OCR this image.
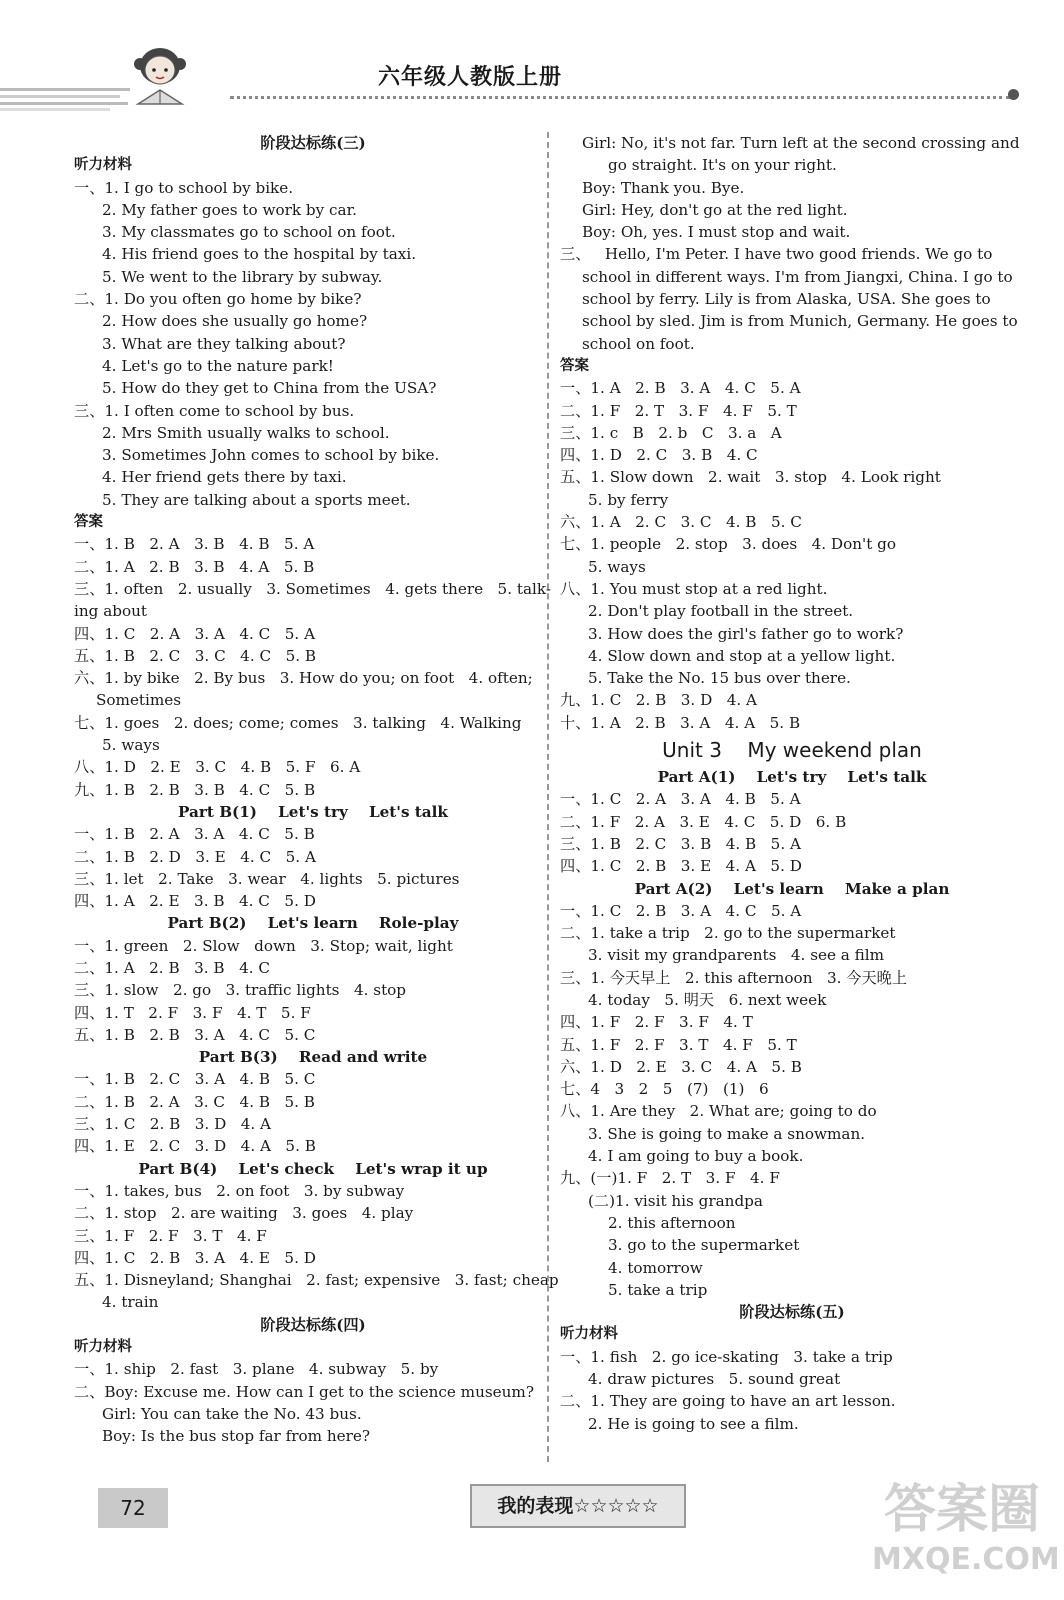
六年级人教版上册
阶段达标练(三)
听力材料
一、1. I go to school by bike.
2. My father goes to work by car.
3. My classmates go to school on foot.
4. His friend goes to the hospital by taxi.
5. We went to the library by subway.
二、1. Do you often go home by bike?
2. How does she usually go home?
3. What are they talking about?
4. Let's go to the nature park!
5. How do they get to China from the USA?
三、1. I often come to school by bus.
2. Mrs Smith usually walks to school.
3. Sometimes John comes to school by bike.
4. Her friend gets there by taxi.
5. They are talking about a sports meet.
答案
一、1. B   2. A   3. B   4. B   5. A
二、1. A   2. B   3. B   4. A   5. B
三、1. often   2. usually   3. Sometimes   4. gets there   5. talk-
ing about
四、1. C   2. A   3. A   4. C   5. A
五、1. B   2. C   3. C   4. C   5. B
六、1. by bike   2. By bus   3. How do you; on foot   4. often;
Sometimes
七、1. goes   2. does; come; comes   3. talking   4. Walking
5. ways
八、1. D   2. E   3. C   4. B   5. F   6. A
九、1. B   2. B   3. B   4. C   5. B
Part B(1)    Let's try    Let's talk
一、1. B   2. A   3. A   4. C   5. B
二、1. B   2. D   3. E   4. C   5. A
三、1. let   2. Take   3. wear   4. lights   5. pictures
四、1. A   2. E   3. B   4. C   5. D
Part B(2)    Let's learn    Role-play
一、1. green   2. Slow   down   3. Stop; wait, light
二、1. A   2. B   3. B   4. C
三、1. slow   2. go   3. traffic lights   4. stop
四、1. T   2. F   3. F   4. T   5. F
五、1. B   2. B   3. A   4. C   5. C
Part B(3)    Read and write
一、1. B   2. C   3. A   4. B   5. C
二、1. B   2. A   3. C   4. B   5. B
三、1. C   2. B   3. D   4. A
四、1. E   2. C   3. D   4. A   5. B
Part B(4)    Let's check    Let's wrap it up
一、1. takes, bus   2. on foot   3. by subway
二、1. stop   2. are waiting   3. goes   4. play
三、1. F   2. F   3. T   4. F
四、1. C   2. B   3. A   4. E   5. D
五、1. Disneyland; Shanghai   2. fast; expensive   3. fast; cheap
4. train
阶段达标练(四)
听力材料
一、1. ship   2. fast   3. plane   4. subway   5. by
二、Boy: Excuse me. How can I get to the science museum?
Girl: You can take the No. 43 bus.
Boy: Is the bus stop far from here?
Girl: No, it's not far. Turn left at the second crossing and
go straight. It's on your right.
Boy: Thank you. Bye.
Girl: Hey, don't go at the red light.
Boy: Oh, yes. I must stop and wait.
三、   Hello, I'm Peter. I have two good friends. We go to
school in different ways. I'm from Jiangxi, China. I go to
school by ferry. Lily is from Alaska, USA. She goes to
school by sled. Jim is from Munich, Germany. He goes to
school on foot.
答案
一、1. A   2. B   3. A   4. C   5. A
二、1. F   2. T   3. F   4. F   5. T
三、1. c   B   2. b   C   3. a   A
四、1. D   2. C   3. B   4. C
五、1. Slow down   2. wait   3. stop   4. Look right
5. by ferry
六、1. A   2. C   3. C   4. B   5. C
七、1. people   2. stop   3. does   4. Don't go
5. ways
八、1. You must stop at a red light.
2. Don't play football in the street.
3. How does the girl's father go to work?
4. Slow down and stop at a yellow light.
5. Take the No. 15 bus over there.
九、1. C   2. B   3. D   4. A
十、1. A   2. B   3. A   4. A   5. B
Unit 3    My weekend plan
Part A(1)    Let's try    Let's talk
一、1. C   2. A   3. A   4. B   5. A
二、1. F   2. A   3. E   4. C   5. D   6. B
三、1. B   2. C   3. B   4. B   5. A
四、1. C   2. B   3. E   4. A   5. D
Part A(2)    Let's learn    Make a plan
一、1. C   2. B   3. A   4. C   5. A
二、1. take a trip   2. go to the supermarket
3. visit my grandparents   4. see a film
三、1. 今天早上   2. this afternoon   3. 今天晚上
4. today   5. 明天   6. next week
四、1. F   2. F   3. F   4. T
五、1. F   2. F   3. T   4. F   5. T
六、1. D   2. E   3. C   4. A   5. B
七、4   3   2   5   (7)   (1)   6
八、1. Are they   2. What are; going to do
3. She is going to make a snowman.
4. I am going to buy a book.
九、(一)1. F   2. T   3. F   4. F
(二)1. visit his grandpa
2. this afternoon
3. go to the supermarket
4. tomorrow
5. take a trip
阶段达标练(五)
听力材料
一、1. fish   2. go ice-skating   3. take a trip
4. draw pictures   5. sound great
二、1. They are going to have an art lesson.
2. He is going to see a film.
72	我的表现☆☆☆☆☆	答案圈
MXQE.COM
